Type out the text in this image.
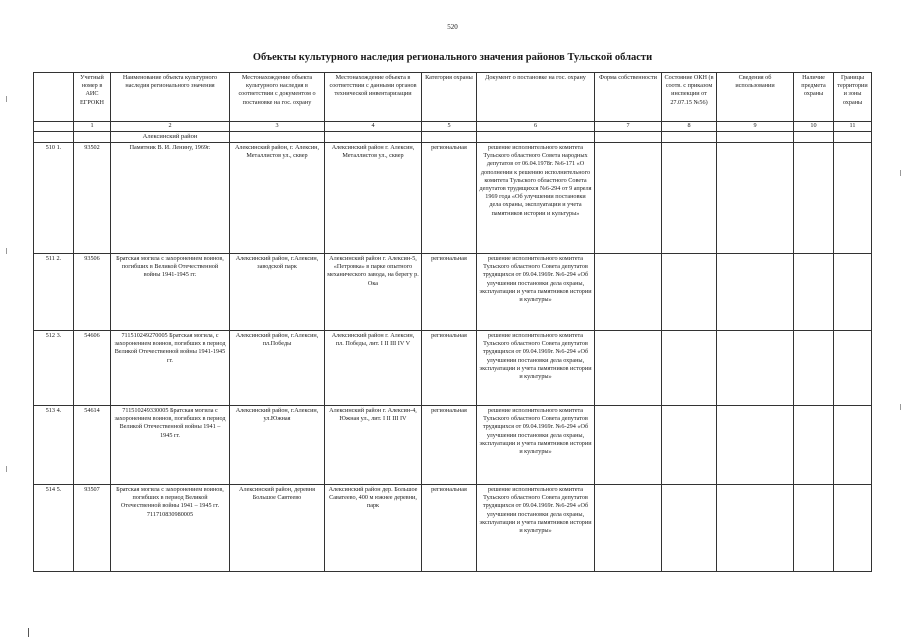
520
Объекты культурного наследия регионального значения районов Тульской области
	Учетный номер в АИС ЕГРОКН	Наименование объекта культурного наследия регионального значения	Местонахождение объекта культурного наследия в соответствии с документом о постановке на гос. охрану	Местонахождение объекта в соответствии с данными органов технической инвентаризации	Категория охраны	Документ о постановке на гос. охрану	Форма собственности	Состояние ОКН (в соотв. с приказом инспекции от 27.07.15 №56)	Сведения об использовании	Наличие предмета охраны	Границы территории и зоны охраны
	1	2	3	4	5	6	7	8	9	10	11
		Алексинский район									
510 1.	93502	Памятник В. И. Ленину, 1969г.	Алексинский район, г. Алексин, Металлистов ул., сквер	Алексинский район г. Алексин, Металлистов ул., сквер	региональная	решение исполнительного комитета Тульского областного Совета народных депутатов от 06.04.1978г. №6-171 «О дополнении к решению исполнительного комитета Тульского областного Совета депутатов трудящихся №6-294 от 9 апреля 1969 года «Об улучшении постановки дела охраны, эксплуатации и учета памятников истории и культуры»					
511 2.	93506	Братская могила с захоронением воинов, погибших в Великой Отечественной войны 1941-1945 гг.	Алексинский район, г.Алексин, заводской парк	Алексинский район г. Алексин-5, «Петровка» в парке опытного механического завода, на берегу р. Ока	региональная	решение исполнительного комитета Тульского областного Совета депутатов трудящихся от 09.04.1969г. №6-294 «Об улучшении постановки дела охраны, эксплуатации и учета памятников истории и культуры»					
512 3.	54606	711510249270005 Братская могила, с захоронением воинов, погибших в период Великой Отечественной войны 1941-1945 гг.	Алексинский район, г.Алексин, пл.Победы	Алексинский район г. Алексин, пл. Победы, лит. I II III IV V	региональная	решение исполнительного комитета Тульского областного Совета депутатов трудящихся от 09.04.1969г. №6-294 «Об улучшении постановки дела охраны, эксплуатации и учета памятников истории и культуры»					
513 4.	54614	711510249330005 Братская могила с захоронением воинов, погибших в период Великой Отечественной войны 1941 – 1945 гг.	Алексинский район, г.Алексин, ул.Южная	Алексинский район г. Алексин-4, Южная ул., лит. I II III IV	региональная	решение исполнительного комитета Тульского областного Совета депутатов трудящихся от 09.04.1969г. №6-294 «Об улучшении постановки дела охраны, эксплуатации и учета памятников истории и культуры»					
514 5.	93507	Братская могила с захоронением воинов, погибших в период Великой Отечественной войны 1941 – 1945 гг. 711710830980005	Алексинский район, деревня Большое Савтеево	Алексинский район дер. Большое Саватеево, 400 м южнее деревни, парк	региональная	решение исполнительного комитета Тульского областного Совета депутатов трудящихся от 09.04.1969г. №6-294 «Об улучшении постановки дела охраны, эксплуатации и учета памятников истории и культуры»					
